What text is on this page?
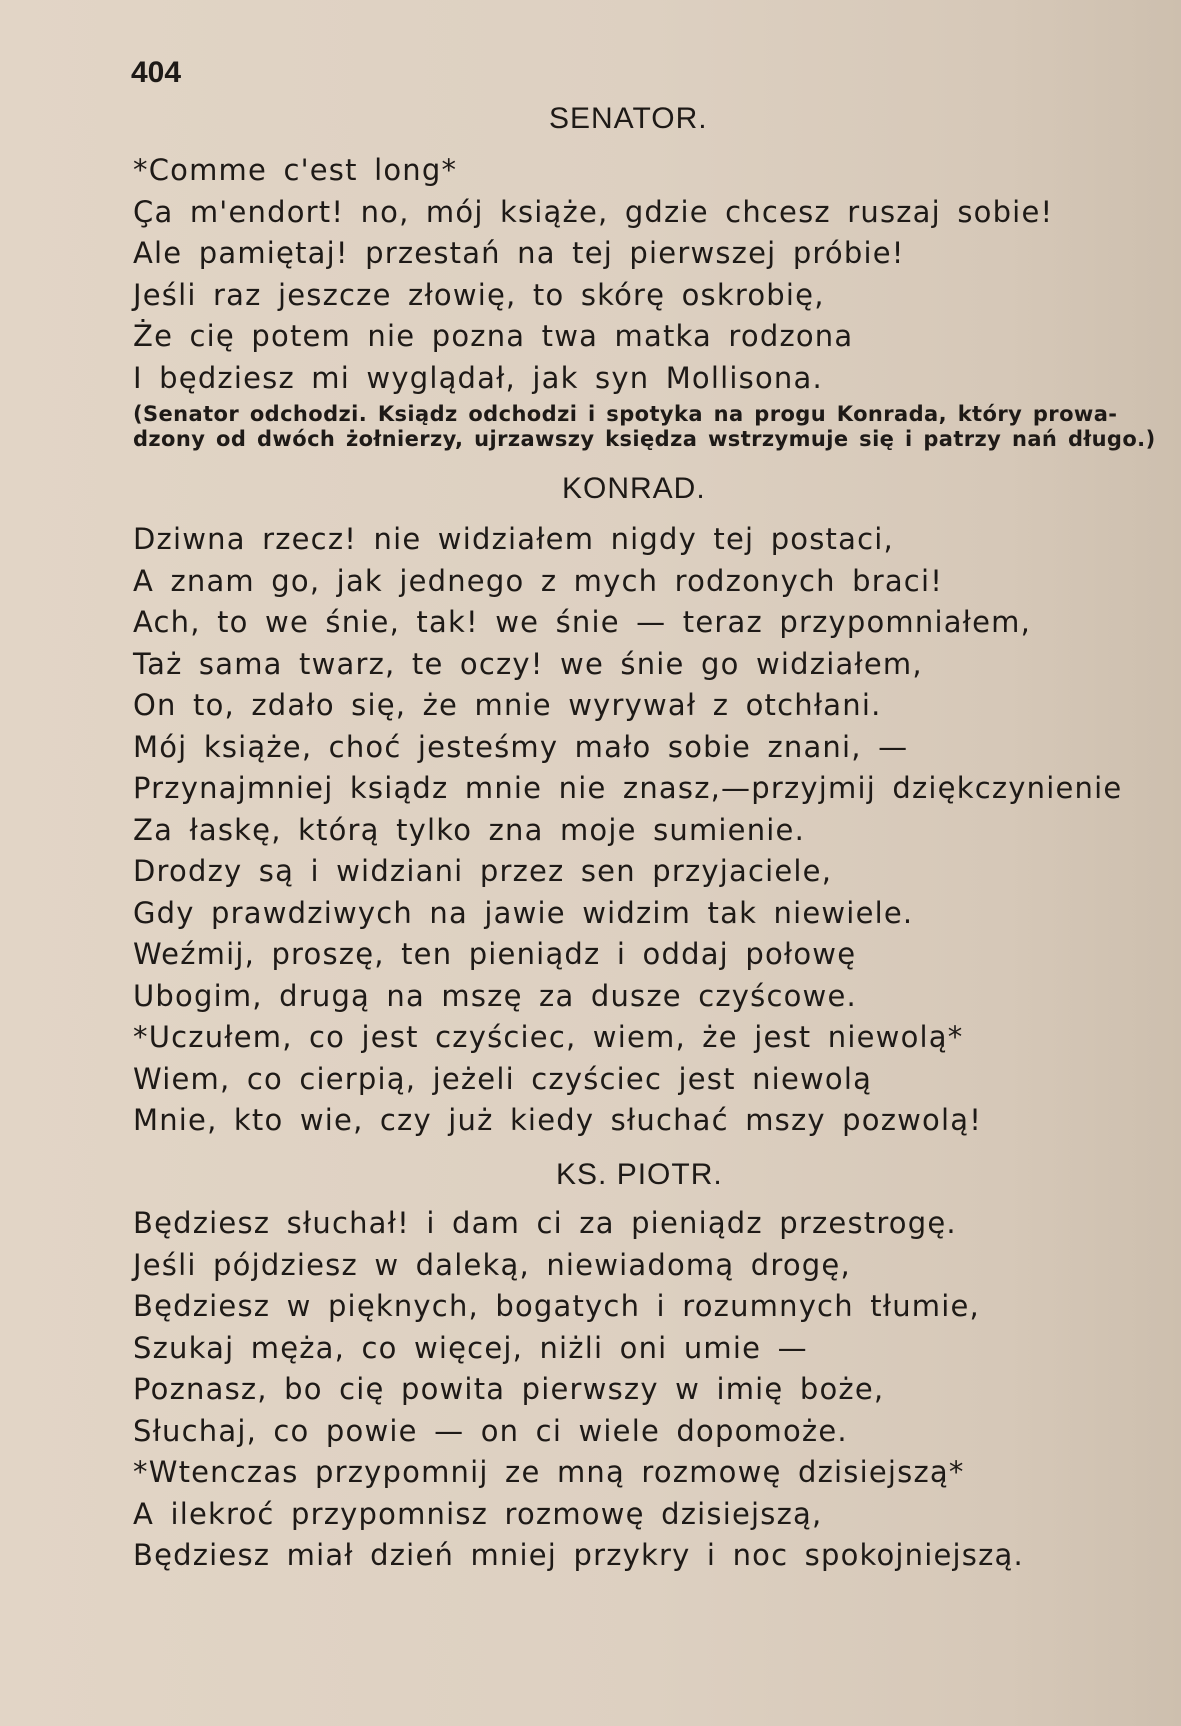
404
SENATOR.
*Comme c'est long*
Ça m'endort! no, mój książe, gdzie chcesz ruszaj sobie!
Ale pamiętaj! przestań na tej pierwszej próbie!
Jeśli raz jeszcze złowię, to skórę oskrobię,
Że cię potem nie pozna twa matka rodzona
I będziesz mi wyglądał, jak syn Mollisona.
(Senator odchodzi. Ksiądz odchodzi i spotyka na progu Konrada, który prowa-
dzony od dwóch żołnierzy, ujrzawszy księdza wstrzymuje się i patrzy nań długo.)
KONRAD.
Dziwna rzecz! nie widziałem nigdy tej postaci,
A znam go, jak jednego z mych rodzonych braci!
Ach, to we śnie, tak! we śnie — teraz przypomniałem,
Taż sama twarz, te oczy! we śnie go widziałem,
On to, zdało się, że mnie wyrywał z otchłani.
Mój książe, choć jesteśmy mało sobie znani, —
Przynajmniej ksiądz mnie nie znasz,—przyjmij dziękczynienie
Za łaskę, którą tylko zna moje sumienie.
Drodzy są i widziani przez sen przyjaciele,
Gdy prawdziwych na jawie widzim tak niewiele.
Weźmij, proszę, ten pieniądz i oddaj połowę
Ubogim, drugą na mszę za dusze czyścowe.
*Uczułem, co jest czyściec, wiem, że jest niewolą*
Wiem, co cierpią, jeżeli czyściec jest niewolą
Mnie, kto wie, czy już kiedy słuchać mszy pozwolą!
KS. PIOTR.
Będziesz słuchał! i dam ci za pieniądz przestrogę.
Jeśli pójdziesz w daleką, niewiadomą drogę,
Będziesz w pięknych, bogatych i rozumnych tłumie,
Szukaj męża, co więcej, niżli oni umie —
Poznasz, bo cię powita pierwszy w imię boże,
Słuchaj, co powie — on ci wiele dopomoże.
*Wtenczas przypomnij ze mną rozmowę dzisiejszą*
A ilekroć przypomnisz rozmowę dzisiejszą,
Będziesz miał dzień mniej przykry i noc spokojniejszą.
